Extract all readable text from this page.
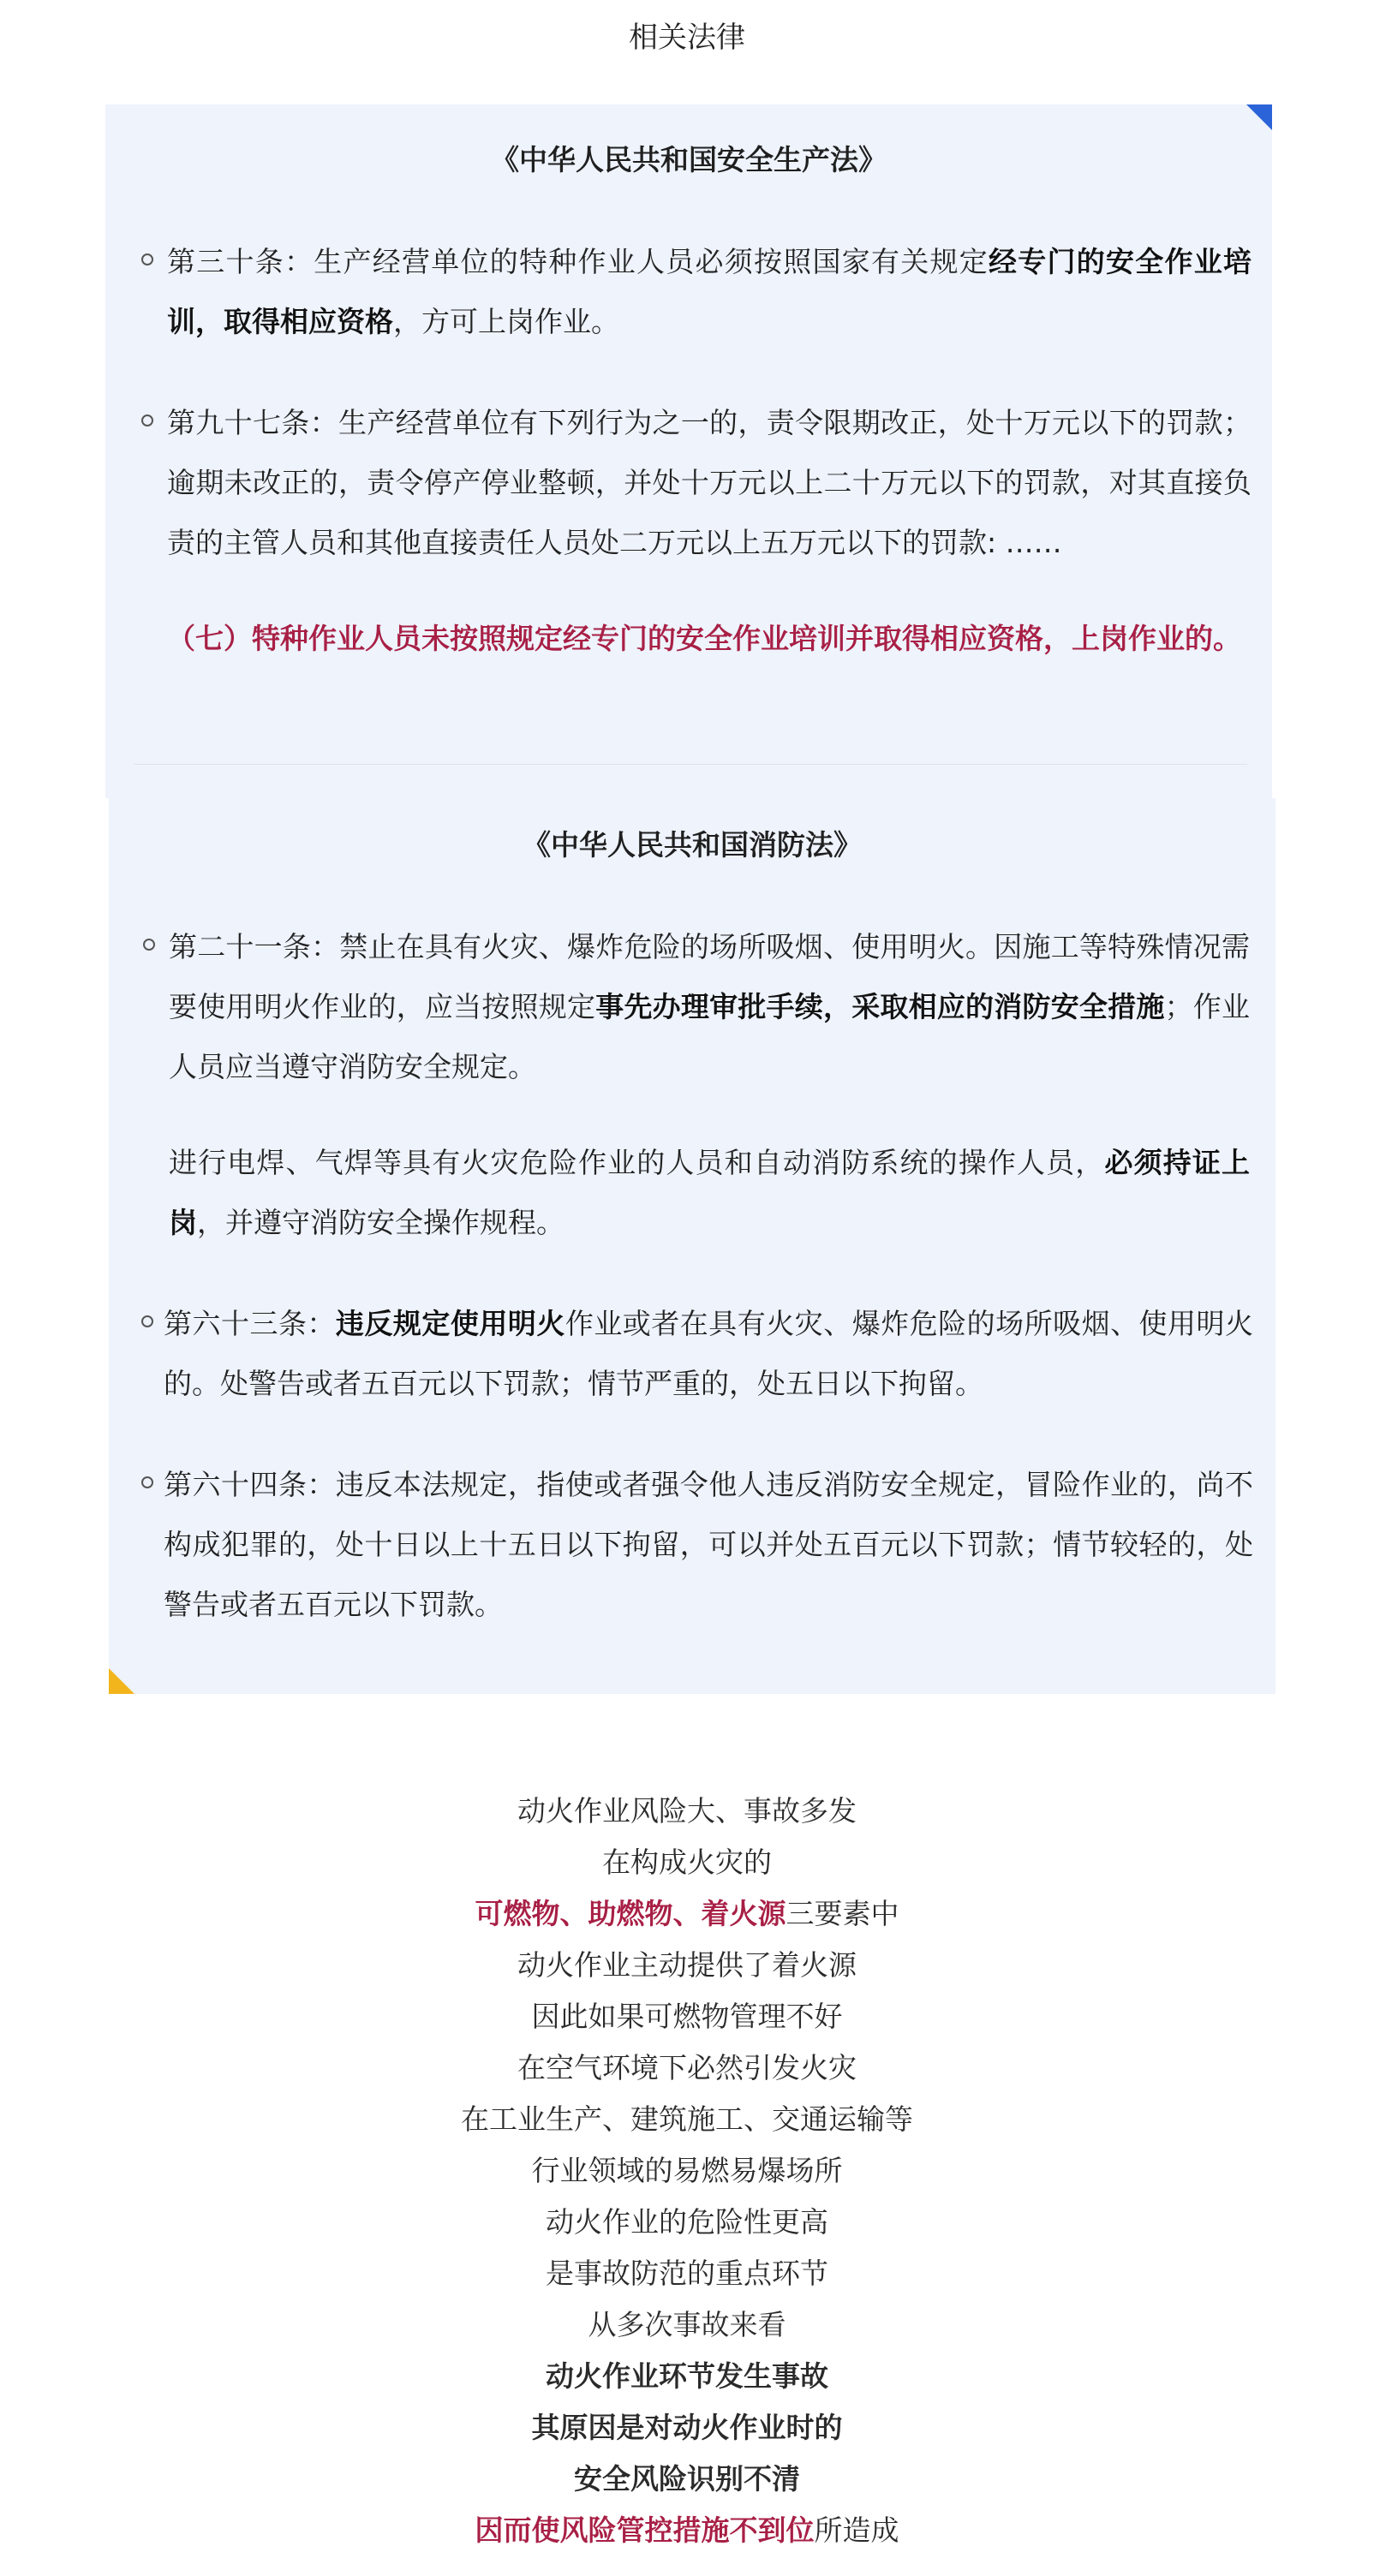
相关法律
《中华人民共和国安全生产法》
第三十条：生产经营单位的特种作业人员必须按照国家有关规定经专门的安全作业培训，取得相应资格，方可上岗作业。
第九十七条：生产经营单位有下列行为之一的，责令限期改正，处十万元以下的罚款；逾期未改正的，责令停产停业整顿，并处十万元以上二十万元以下的罚款，对其直接负责的主管人员和其他直接责任人员处二万元以上五万元以下的罚款: ……
（七）特种作业人员未按照规定经专门的安全作业培训并取得相应资格，上岗作业的。
《中华人民共和国消防法》
第二十一条：禁止在具有火灾、爆炸危险的场所吸烟、使用明火。因施工等特殊情况需要使用明火作业的，应当按照规定事先办理审批手续，采取相应的消防安全措施；作业人员应当遵守消防安全规定。
进行电焊、气焊等具有火灾危险作业的人员和自动消防系统的操作人员，必须持证上岗，并遵守消防安全操作规程。
第六十三条：违反规定使用明火作业或者在具有火灾、爆炸危险的场所吸烟、使用明火的。处警告或者五百元以下罚款；情节严重的，处五日以下拘留。
第六十四条：违反本法规定，指使或者强令他人违反消防安全规定，冒险作业的，尚不构成犯罪的，处十日以上十五日以下拘留，可以并处五百元以下罚款；情节较轻的，处警告或者五百元以下罚款。
动火作业风险大、事故多发
在构成火灾的
可燃物、助燃物、着火源三要素中
动火作业主动提供了着火源
因此如果可燃物管理不好
在空气环境下必然引发火灾
在工业生产、建筑施工、交通运输等
行业领域的易燃易爆场所
动火作业的危险性更高
是事故防范的重点环节
从多次事故来看
动火作业环节发生事故
其原因是对动火作业时的
安全风险识别不清
因而使风险管控措施不到位所造成
